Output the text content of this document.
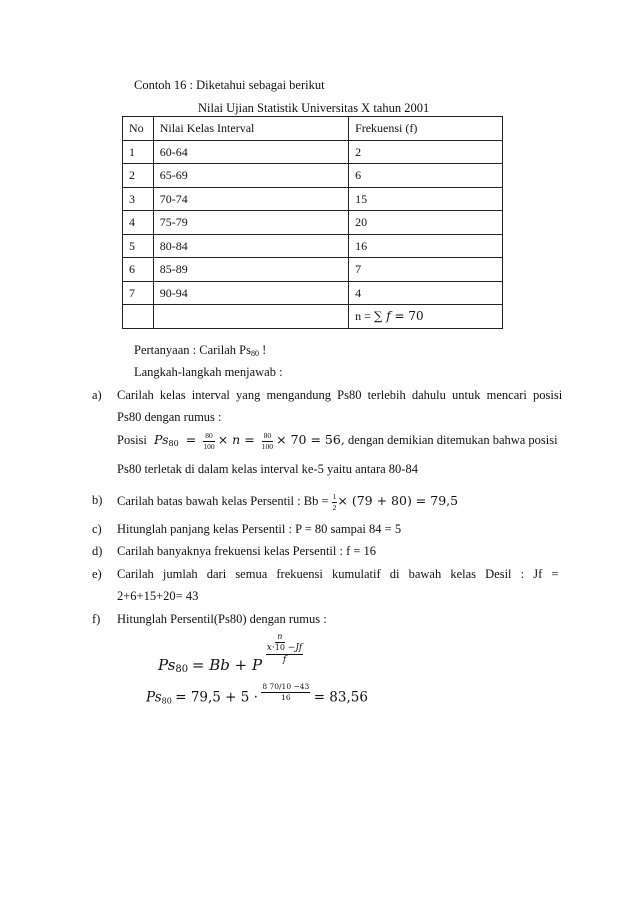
Contoh 16 : Diketahui sebagai berikut
Nilai Ujian Statistik Universitas X tahun 2001
No	Nilai Kelas Interval	Frekuensi (f)
1	60-64	2
2	65-69	6
3	70-74	15
4	75-79	20
5	80-84	16
6	85-89	7
7	90-94	4
		n = ∑ f = 70
Pertanyaan : Carilah $Ps_{80}$ !
Langkah-langkah menjawab :
a) Carilah kelas interval yang mengandung Ps80 terlebih dahulu untuk mencari posisi
Ps80 dengan rumus :
Posisi  $Ps_{80} = \frac{80}{100} \times n = \frac{80}{100} \times 70 = 56$, dengan demikian ditemukan bahwa posisi
Ps80 terletak di dalam kelas interval ke-5 yaitu antara 80-84
b) Carilah batas bawah kelas Persentil : $Bb = \frac{1}{2} \times (79 + 80) = 79,5$
c) Hitunglah panjang kelas Persentil : P = 80 sampai 84 = 5
d) Carilah banyaknya frekuensi kelas Persentil : f = 16
e) Carilah jumlah dari semua frekuensi kumulatif di bawah kelas Desil : Jf =
2+6+15+20= 43
f) Hitunglah Persentil(Ps80) dengan rumus :
$Ps_{80} = Bb + P \frac{x\cdot \frac{n}{10} -Jf}{f}$
$Ps_{80} = 79,5 + 5 \cdot \frac{8 70/10 -43}{16} = 83,56$
